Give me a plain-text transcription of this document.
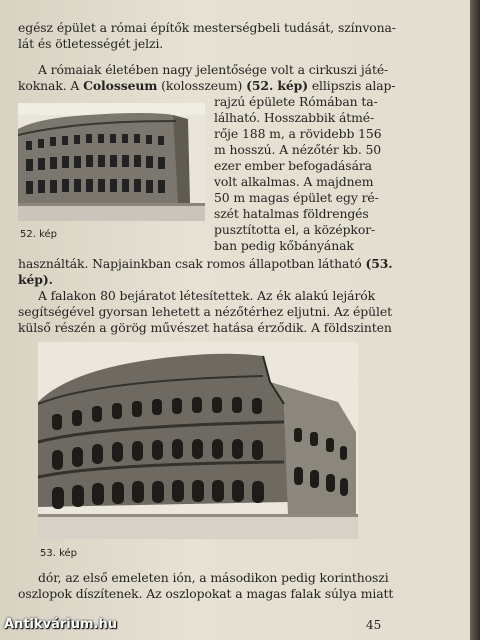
egész épület a római építők mesterségbeli tudását, színvona-
lát és ötletességét jelzi.
A rómaiak életében nagy jelentősége volt a cirkuszi játé-
koknak. A Colosseum (kolosszeum) (52. kép) ellipszis alap-
52. kép
rajzú épülete Rómában ta-
lálható. Hosszabbik átmé-
rője 188 m, a rövidebb 156
m hosszú. A nézőtér kb. 50
ezer ember befogadására
volt alkalmas. A majdnem
50 m magas épület egy ré-
szét hatalmas földrengés
pusztította el, a középkor-
ban pedig kőbányának
használták. Napjainkban csak romos állapotban látható (53.
kép).
A falakon 80 bejáratot létesítettek. Az ék alakú lejárók
segítségével gyorsan lehetett a nézőtérhez eljutni. Az épület
külső részén a görög művészet hatása érződik. A földszinten
53. kép
dór, az első emeleten ión, a másodikon pedig korinthoszi
oszlopok díszítenek. Az oszlopokat a magas falak súlya miatt
45
Antikvárium.hu
